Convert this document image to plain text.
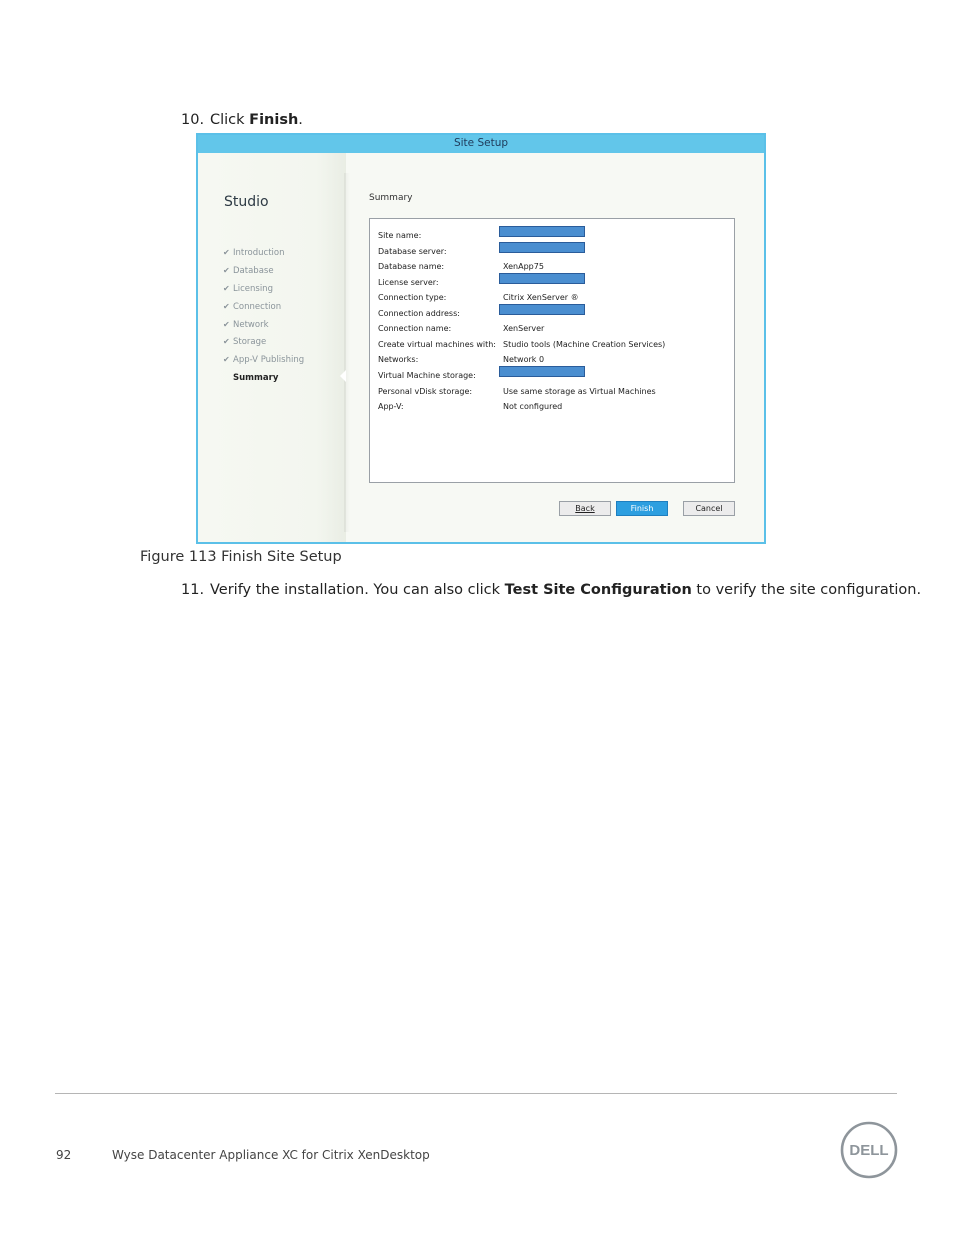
10. Click Finish.
Site Setup
Studio
✔ Introduction
✔ Database
✔ Licensing
✔ Connection
✔ Network
✔ Storage
✔ App-V Publishing
Summary
Summary
Site name:
Database server:
Database name:	XenApp75
License server:
Connection type:	Citrix XenServer ®
Connection address:
Connection name:	XenServer
Create virtual machines with: Studio tools (Machine Creation Services)
Networks:	Network 0
Virtual Machine storage:
Personal vDisk storage:	Use same storage as Virtual Machines
App-V:	Not configured
Back	Finish	Cancel
Figure 113 Finish Site Setup
11. Verify the installation. You can also click Test Site Configuration to verify the site configuration.
92	Wyse Datacenter Appliance XC for Citrix XenDesktop	DELL
